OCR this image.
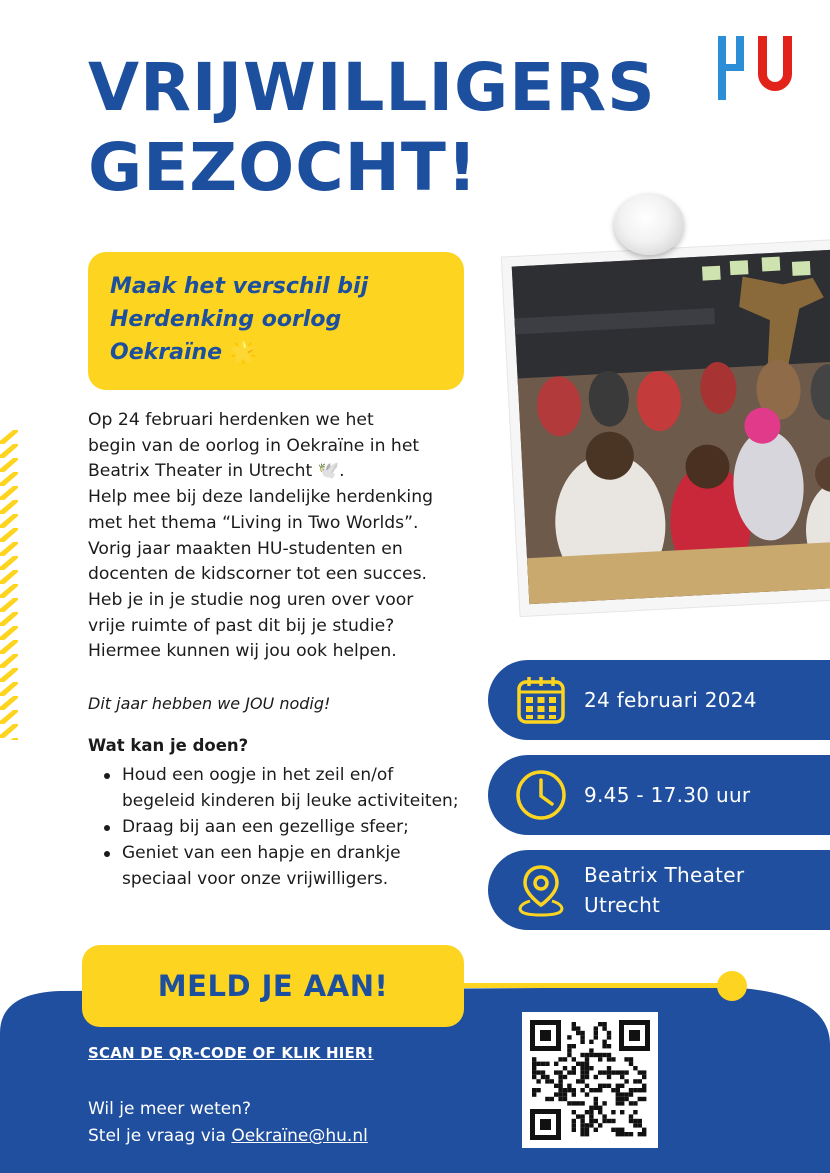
VRIJWILLIGERS
GEZOCHT!
Maak het verschil bij Herdenking oorlog Oekraïne 🌟

Op 24 februari herdenken we het

begin van de oorlog in Oekraïne in het

Beatrix Theater in Utrecht 🕊️.

Help mee bij deze landelijke herdenking

met het thema “Living in Two Worlds”.

Vorig jaar maakten HU-studenten en

docenten de kidscorner tot een succes.

Heb je in je studie nog uren over voor

vrije ruimte of past dit bij je studie?

Hiermee kunnen wij jou ook helpen.

Dit jaar hebben we JOU nodig!
Wat kan je doen?
Houd een oogje in het zeil en/of begeleid kinderen bij leuke activiteiten;
Draag bij aan een gezellige sfeer;
Geniet van een hapje en drankje speciaal voor onze vrijwilligers.
24 februari 2024
9.45 - 17.30 uur
Beatrix Theater
Utrecht
MELD JE AAN!
SCAN DE QR-CODE OF KLIK HIER!
Wil je meer weten?
Stel je vraag via Oekraïne@hu.nl
